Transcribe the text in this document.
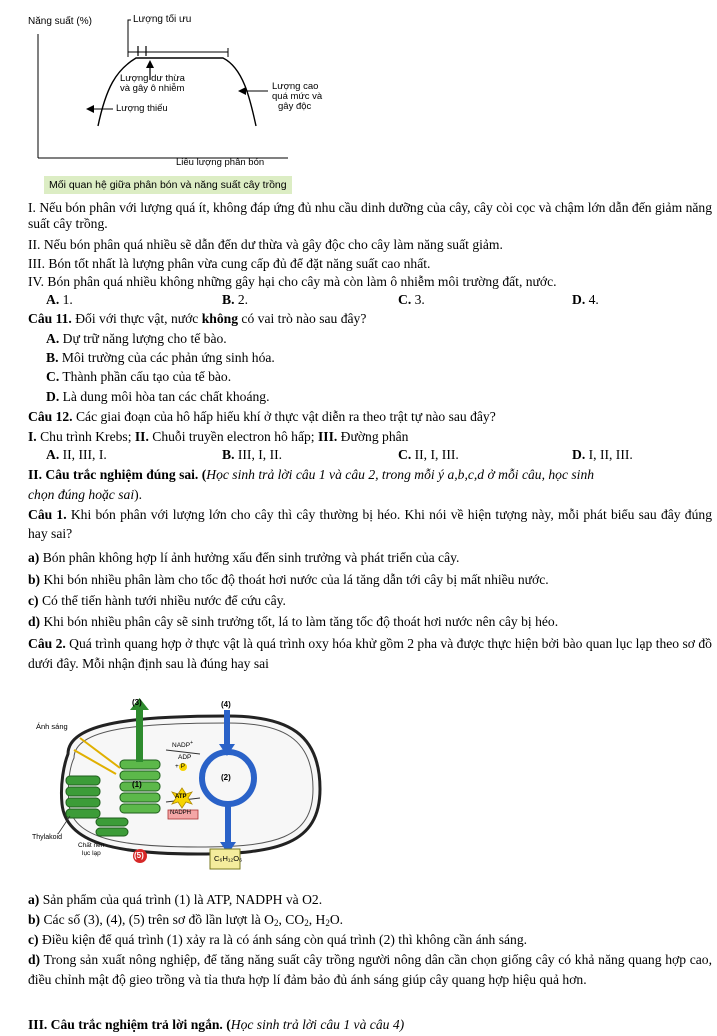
Năng suất (%)	Lượng tối ưu
Lượng dư thừa
và gây ô nhiễm
Lượng thiếu
Lượng cao
quá mức và
gây độc
Liều lượng phân bón
Mối quan hệ giữa phân bón và năng suất cây trồng
I. Nếu bón phân với lượng quá ít, không đáp ứng đủ nhu cầu dinh dưỡng của cây, cây còi cọc và chậm lớn dẫn đến giảm năng suất cây trồng.
II. Nếu bón phân quá nhiều sẽ dẫn đến dư thừa và gây độc cho cây làm năng suất giảm.
III. Bón tốt nhất là lượng phân vừa cung cấp đủ để đặt năng suất cao nhất.
IV. Bón phân quá nhiều không những gây hại cho cây mà còn làm ô nhiễm môi trường đất, nước.
A. 1.	B. 2.	C. 3.	D. 4.
Câu 11. Đối với thực vật, nước không có vai trò nào sau đây?
A. Dự trữ năng lượng cho tế bào.
B. Môi trường của các phản ứng sinh hóa.
C. Thành phần cấu tạo của tế bào.
D. Là dung môi hòa tan các chất khoáng.
Câu 12. Các giai đoạn của hô hấp hiếu khí ở thực vật diễn ra theo trật tự nào sau đây?
I. Chu trình Krebs; II. Chuỗi truyền electron hô hấp; III. Đường phân
A. II, III, I.	B. III, I, II.	C. II, I, III.	D. I, II, III.
II. Câu trắc nghiệm đúng sai. (Học sinh trả lời câu 1 và câu 2, trong mỗi ý a,b,c,d ở mỗi câu, học sinh
chọn đúng hoặc sai).
Câu 1. Khi bón phân với lượng lớn cho cây thì cây thường bị héo. Khi nói về hiện tượng này, mỗi phát biểu sau đây đúng hay sai?
a) Bón phân không hợp lí ảnh hưởng xấu đến sinh trưởng và phát triển của cây.
b) Khi bón nhiều phân làm cho tốc độ thoát hơi nước của lá tăng dẫn tới cây bị mất nhiều nước.
c) Có thể tiến hành tưới nhiều nước để cứu cây.
d) Khi bón nhiều phân cây sẽ sinh trưởng tốt, lá to làm tăng tốc độ thoát hơi nước nên cây bị héo.
Câu 2. Quá trình quang hợp ở thực vật là quá trình oxy hóa khử gồm 2 pha và được thực hiện bởi bào quan lục lạp theo sơ đồ dưới đây. Mỗi nhận định sau là đúng hay sai
Ánh sáng
(3)	(4)
(1)
(2)
(5)
NADP+
ADP
+ P
ATP
NADPH
Thylakoid
Chất nền
lục lạp
C₆H₁₂O₆
a) Sản phẩm của quá trình (1) là ATP, NADPH và O2.
b) Các số (3), (4), (5) trên sơ đồ lần lượt là $O_2$, $CO_2$, $H_2O$.
c) Điều kiện để quá trình (1) xảy ra là có ánh sáng còn quá trình (2) thì không cần ánh sáng.
d) Trong sản xuất nông nghiệp, để tăng năng suất cây trồng người nông dân cần chọn giống cây có khả năng quang hợp cao, điều chỉnh mật độ gieo trồng và tỉa thưa hợp lí đảm bảo đủ ánh sáng giúp cây quang hợp hiệu quả hơn.
III. Câu trắc nghiệm trả lời ngắn. (Học sinh trả lời câu 1 và câu 4)
